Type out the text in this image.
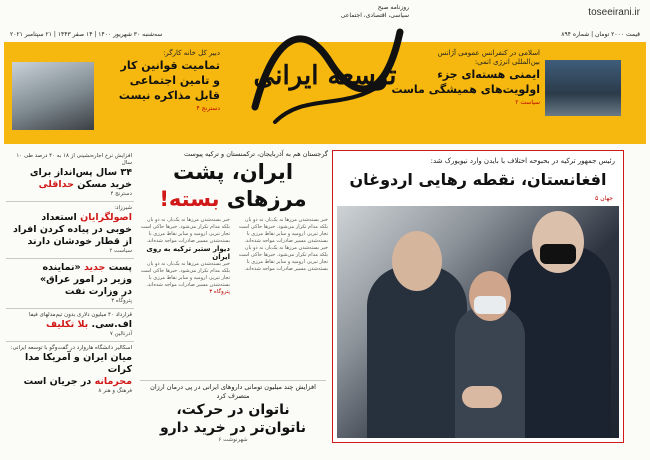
toseeirani.ir
سه‌شنبه ۳۰ شهریور ۱۴۰۰ | ۱۴ صفر ۱۴۴۳ | ۲۱ سپتامبر ۲۰۲۱	قیمت ۲۰۰۰ تومان | شماره ۸۹۴
اسلامی در کنفرانس عمومی آژانس
بین‌المللی انرژی اتمی:
ایمنی هسته‌ای جزء
اولویت‌های همیشگی ماست
سیاست ۲
دبیر کل خانه کارگر:
تمامیت قوانین کار
و تامین اجتماعی
قابل مذاکره نیست
دسترنج ۴
روزنامه صبح
سیاسی، اقتصادی، اجتماعی
توسعه ایرانی
افزایش نرخ اجاره‌نشینی از ۱۸ به ۴۰ درصد طی ۱۰ سال
۳۴ سال پس‌انداز برای
خرید مسکن حداقلی
دسترنج ۴
شیرزاد:
اصولگرایان استعداد
خوبی در پیاده کردن افراد
از قطار خودشان دارند
سیاست ۲
پست جدید «نماینده
وزیر در امور عراق»
در وزارت نفت
پتروگاه ۳
قرارداد ۴۰ میلیون دلاری بدون تیم‌مدلهای فیفا
اف.سی. بلا تکلیف
آدرنالین ۷
اسکالیر دانشگاه هاروارد در گفت‌وگو با توسعه ایرانی:
میان ایران و آمریکا مدا کرات
محرمانه در جریان است
فرهنگ و هنر ۸
گرجستان هم به آذربایجان، ترکمنستان و ترکیه پیوست
ایران، پشت
مرزهای بسته!
خبر بسته‌شدن مرزها نه یک‌بار، نه دو بار، بلکه مدام تکرار می‌شود. خبرها حاکی است تجار تبریز، ارومیه و سایر نقاط مرزی با بسته‌شدن مسیر صادرات مواجه شده‌اند.
خبر بسته‌شدن مرزها نه یک‌بار، نه دو بار، بلکه مدام تکرار می‌شود. خبرها حاکی است تجار تبریز، ارومیه و سایر نقاط مرزی با بسته‌شدن مسیر صادرات مواجه شده‌اند.
خبر بسته‌شدن مرزها نه یک‌بار، نه دو بار، بلکه مدام تکرار می‌شود. خبرها حاکی است تجار تبریز، ارومیه و سایر نقاط مرزی با بسته‌شدن مسیر صادرات مواجه شده‌اند.
دیوار ستبر ترکیه به روی ایران
خبر بسته‌شدن مرزها نه یک‌بار، نه دو بار، بلکه مدام تکرار می‌شود. خبرها حاکی است تجار تبریز، ارومیه و سایر نقاط مرزی با بسته‌شدن مسیر صادرات مواجه شده‌اند.
پتروگاه ۳
افزایش چند میلیون تومانی داروهای ایرانی در پی درمان ارزان متصرف کرد
ناتوان در حرکت،
ناتوان‌تر در خرید دارو
شهرنوشت ۶
رئیس جمهور ترکیه در بحبوحه اختلاف با بایدن وارد نیویورک شد:
افغانستان، نقطه رهایی اردوغان
جهان ۵
